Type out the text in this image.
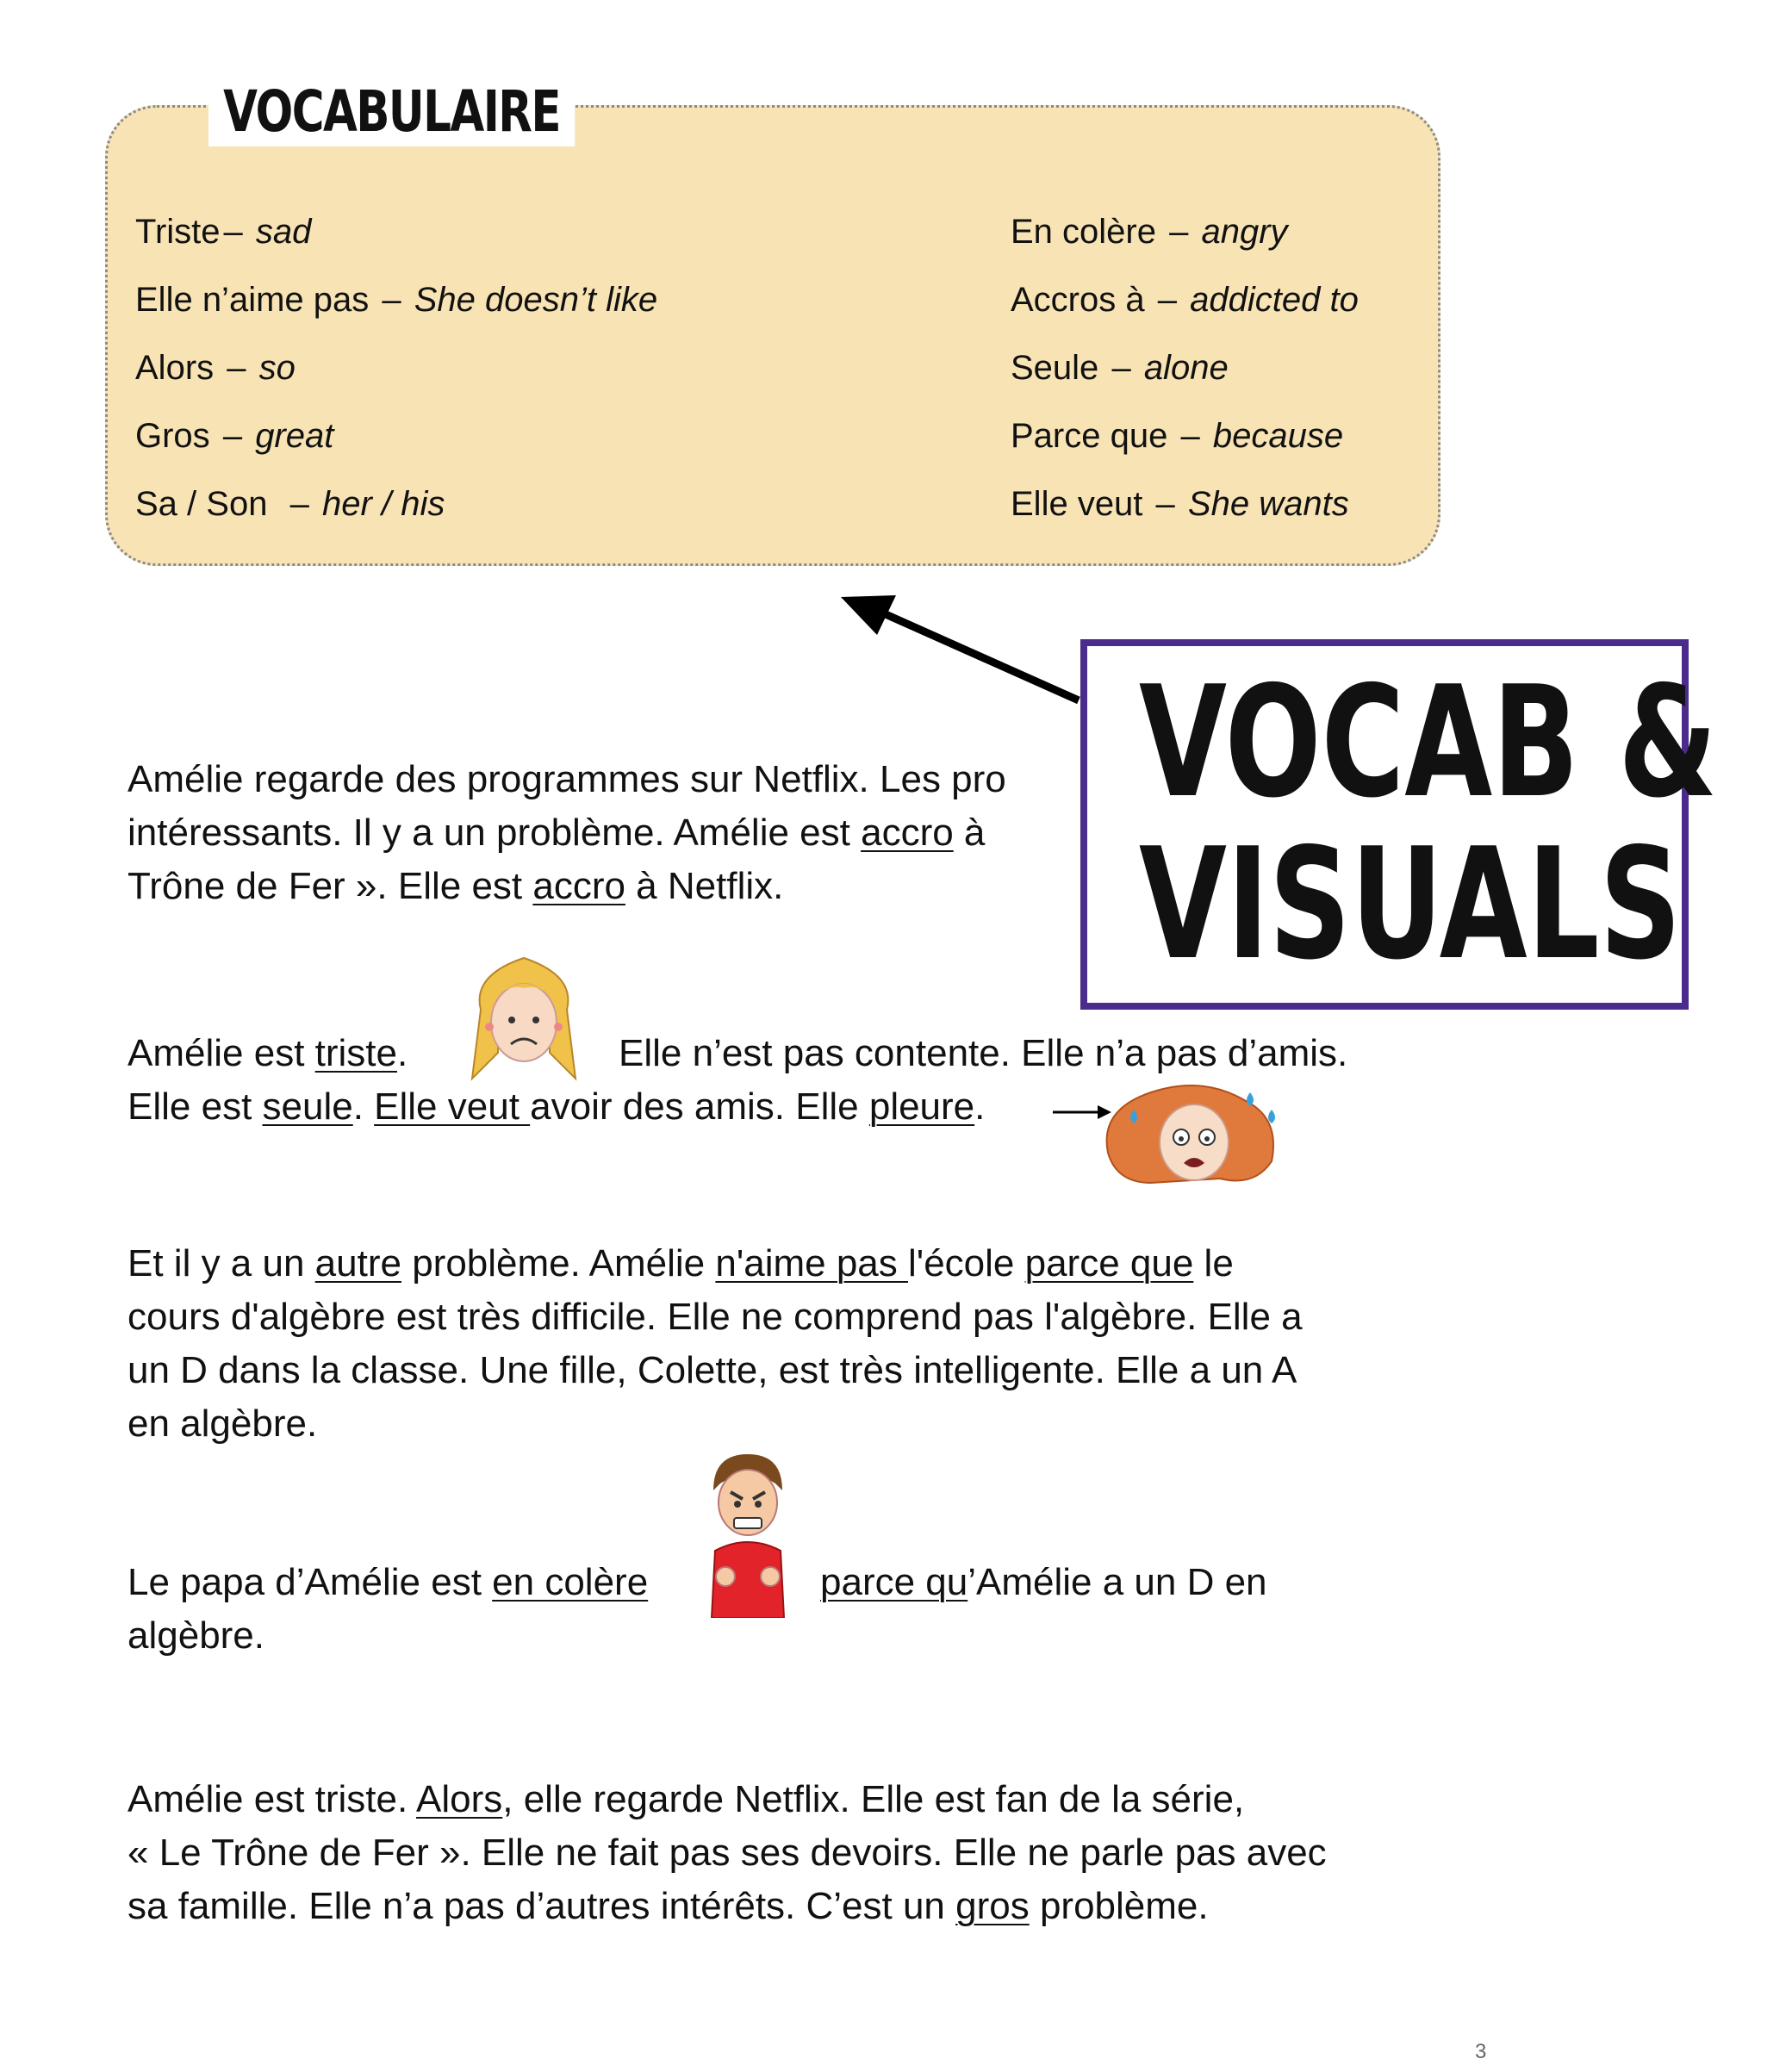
VOCABULAIRE
Triste – sad
Elle n’aime pas – She doesn’t like
Alors – so
Gros – great
Sa / Son – her / his
En colère – angry
Accros à – addicted to
Seule – alone
Parce que – because
Elle veut – She wants
Amélie regarde des programmes sur Netflix. Les pro
intéressants. Il y a un problème. Amélie est accro à
Trône de Fer ». Elle est accro à Netflix.
VOCAB &
VISUALS
Amélie est triste.
Elle est seule. Elle veut avoir des amis. Elle pleure.
Elle n’est pas contente. Elle n’a pas d’amis.
Et il y a un autre problème. Amélie n'aime pas l'école parce que le
cours d'algèbre est très difficile. Elle ne comprend pas l'algèbre. Elle a
un D dans la classe. Une fille, Colette, est très intelligente. Elle a un A
en algèbre.
Le papa d’Amélie est en colère
algèbre.
parce qu’Amélie a un D en
Amélie est triste. Alors, elle regarde Netflix. Elle est fan de la série,
« Le Trône de Fer ». Elle ne fait pas ses devoirs. Elle ne parle pas avec
sa famille. Elle n’a pas d’autres intérêts. C’est un gros problème.
3
